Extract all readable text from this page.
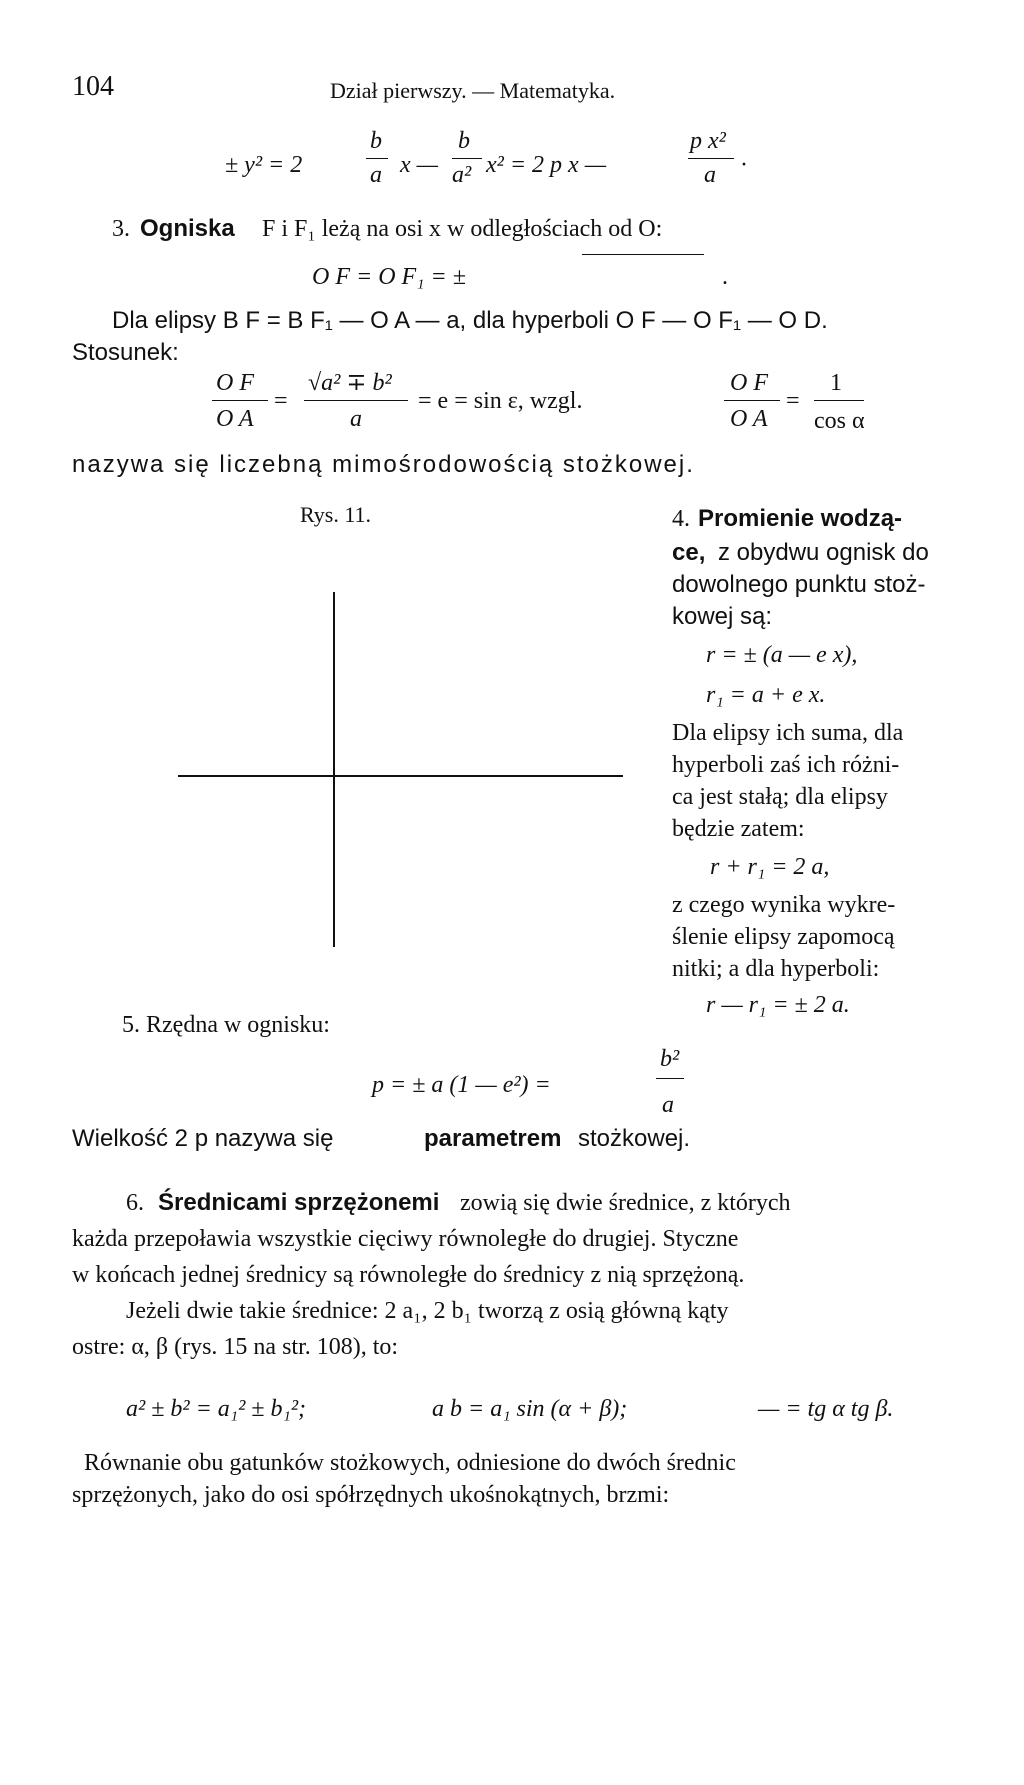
104	Dział pierwszy. — Matematyka.
± y² = 2
b
a x —
b
a² x² = 2 p x —
p x²
a ·
3. Ogniska F i F₁ leżą na osi x w odległościach od O:
O F = O F₁ = ±	.
Dla elipsy B F = B F₁ — O A — a, dla hyperboli O F — O F₁ — O D.
Stosunek:
O F
O A
=
√a² ∓ b²
a
= e = sin ε, wzgl.
O F
O A
=
1
cos α
nazywa się liczebną mimośrodowością stożkowej.
Rys. 11.	4. Promienie wodzą-
ce, z obydwu ognisk do
dowolnego punktu stoż-
kowej są:
r = ± (a — e x),
r₁ = a + e x.
Dla elipsy ich suma, dla
hyperboli zaś ich różni-
ca jest stałą; dla elipsy
będzie zatem:
r + r₁ = 2 a,
z czego wynika wykre-
ślenie elipsy zapomocą
nitki; a dla hyperboli:
r — r₁ = ± 2 a.
5. Rzędna w ognisku:
p = ± a (1 — e²) =
b²
a
Wielkość 2 p nazywa się	parametrem stożkowej.
6. Średnicami sprzężonemi zowią się dwie średnice, z których
każda przepoławia wszystkie cięciwy równoległe do drugiej. Styczne
w końcach jednej średnicy są równoległe do średnicy z nią sprzężoną.
Jeżeli dwie takie średnice: 2 a₁, 2 b₁ tworzą z osią główną kąty
ostre: α, β (rys. 15 na str. 108), to:
a² ± b² = a₁² ± b₁²;	a b = a₁ sin (α + β);	— = tg α tg β.
Równanie obu gatunków stożkowych, odniesione do dwóch średnic
sprzężonych, jako do osi spółrzędnych ukośnokątnych, brzmi:
